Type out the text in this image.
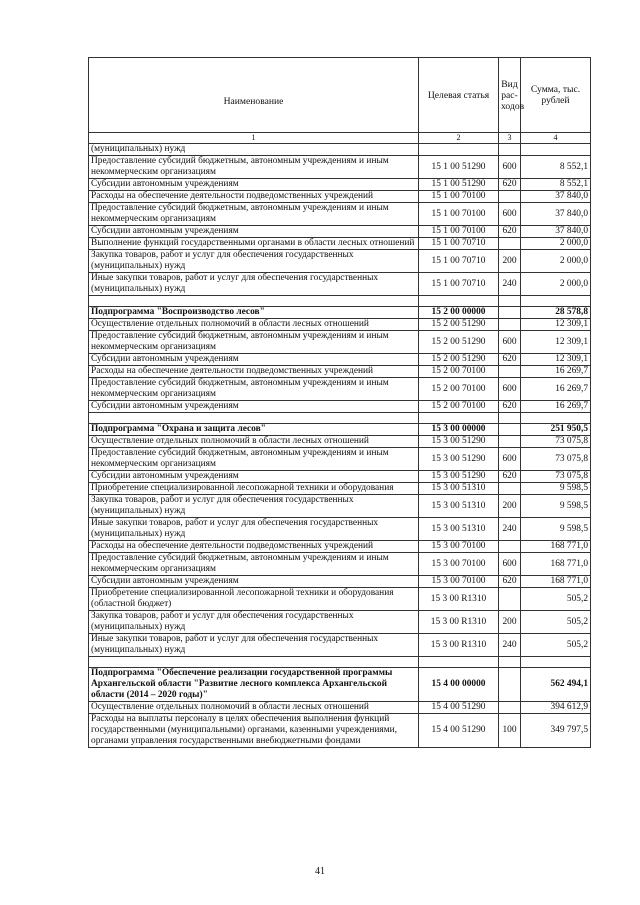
Наименование	Целевая статья	Вид рас-ходов	Сумма, тыс. рублей
1	2	3	4
(муниципальных) нужд			
Предоставление субсидий бюджетным, автономным учреждениям и иным некоммерческим организациям	15 1 00 51290	600	8 552,1
Субсидии автономным учреждениям	15 1 00 51290	620	8 552,1
Расходы на обеспечение деятельности подведомственных учреждений	15 1 00 70100		37 840,0
Предоставление субсидий бюджетным, автономным учреждениям и иным некоммерческим организациям	15 1 00 70100	600	37 840,0
Субсидии автономным учреждениям	15 1 00 70100	620	37 840,0
Выполнение функций государственными органами в области лесных отношений	15 1 00 70710		2 000,0
Закупка товаров, работ и услуг для обеспечения государственных (муниципальных) нужд	15 1 00 70710	200	2 000,0
Иные закупки товаров, работ и услуг для обеспечения государственных (муниципальных) нужд	15 1 00 70710	240	2 000,0

Подпрограмма "Воспроизводство лесов"	15 2 00 00000		28 578,8
Осуществление отдельных полномочий в области лесных отношений	15 2 00 51290		12 309,1
Предоставление субсидий бюджетным, автономным учреждениям и иным некоммерческим организациям	15 2 00 51290	600	12 309,1
Субсидии автономным учреждениям	15 2 00 51290	620	12 309,1
Расходы на обеспечение деятельности подведомственных учреждений	15 2 00 70100		16 269,7
Предоставление субсидий бюджетным, автономным учреждениям и иным некоммерческим организациям	15 2 00 70100	600	16 269,7
Субсидии автономным учреждениям	15 2 00 70100	620	16 269,7

Подпрограмма "Охрана и защита лесов"	15 3 00 00000		251 950,5
Осуществление отдельных полномочий в области лесных отношений	15 3 00 51290		73 075,8
Предоставление субсидий бюджетным, автономным учреждениям и иным некоммерческим организациям	15 3 00 51290	600	73 075,8
Субсидии автономным учреждениям	15 3 00 51290	620	73 075,8
Приобретение специализированной лесопожарной техники и оборудования	15 3 00 51310		9 598,5
Закупка товаров, работ и услуг для обеспечения государственных (муниципальных) нужд	15 3 00 51310	200	9 598,5
Иные закупки товаров, работ и услуг для обеспечения государственных (муниципальных) нужд	15 3 00 51310	240	9 598,5
Расходы на обеспечение деятельности подведомственных учреждений	15 3 00 70100		168 771,0
Предоставление субсидий бюджетным, автономным учреждениям и иным некоммерческим организациям	15 3 00 70100	600	168 771,0
Субсидии автономным учреждениям	15 3 00 70100	620	168 771,0
Приобретение специализированной лесопожарной техники и оборудования (областной бюджет)	15 3 00 R1310		505,2
Закупка товаров, работ и услуг для обеспечения государственных (муниципальных) нужд	15 3 00 R1310	200	505,2
Иные закупки товаров, работ и услуг для обеспечения государственных (муниципальных) нужд	15 3 00 R1310	240	505,2

Подпрограмма "Обеспечение реализации государственной программы Архангельской области "Развитие лесного комплекса Архангельской области (2014 – 2020 годы)"	15 4 00 00000		562 494,1
Осуществление отдельных полномочий в области лесных отношений	15 4 00 51290		394 612,9
Расходы на выплаты персоналу в целях обеспечения выполнения функций государственными (муниципальными) органами, казенными учреждениями, органами управления государственными внебюджетными фондами	15 4 00 51290	100	349 797,5
41
